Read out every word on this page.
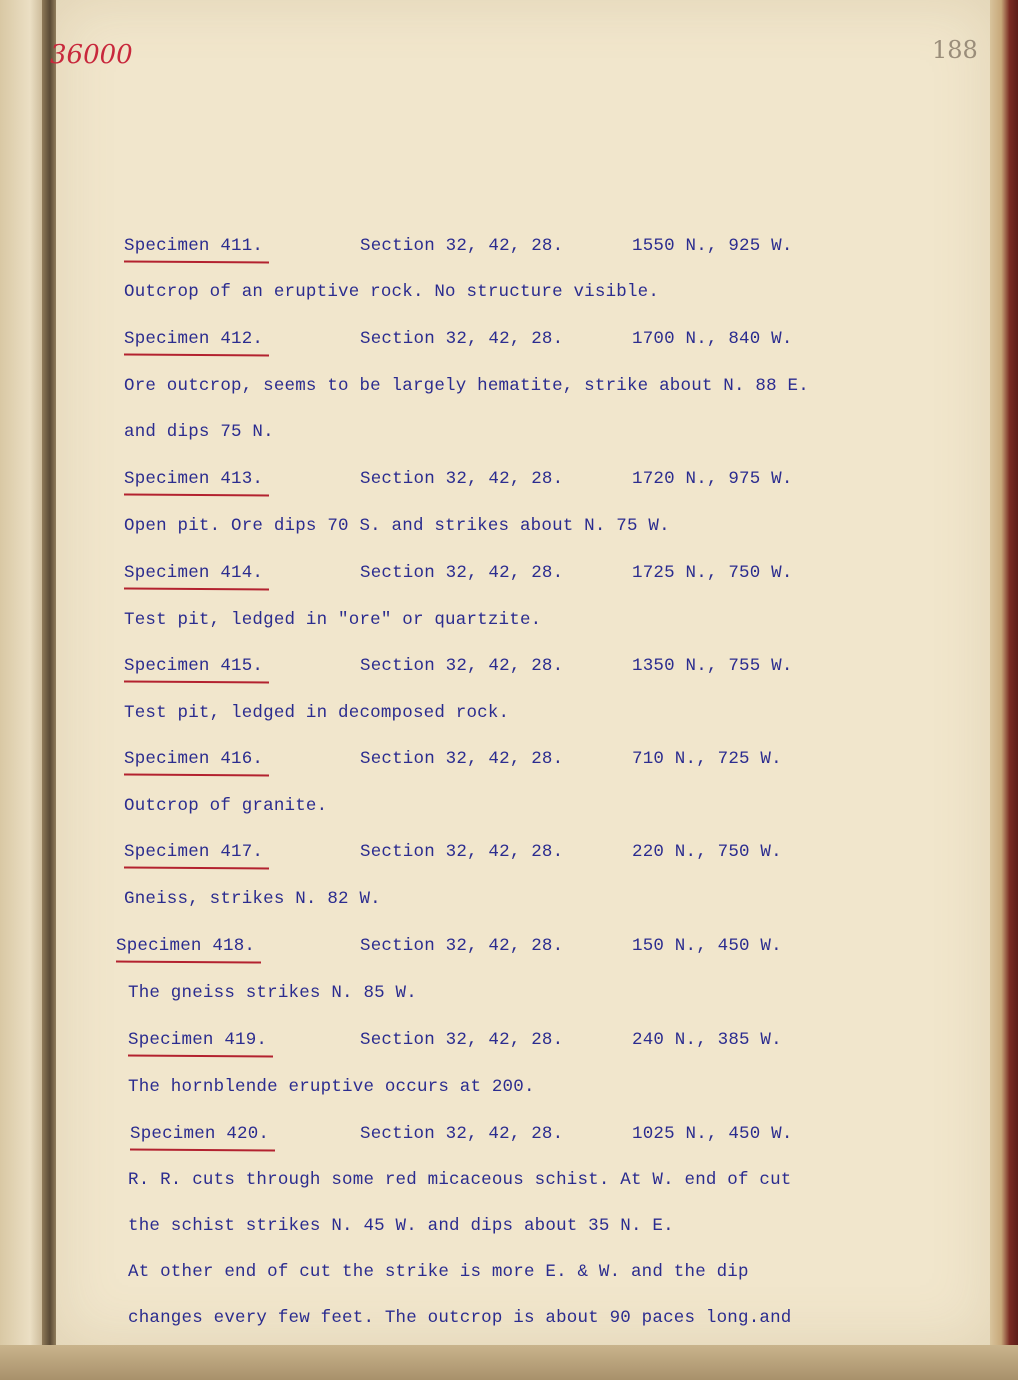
36000	188
Specimen 411.	Section 32, 42, 28.	1550 N., 925 W.
Outcrop of an eruptive rock. No structure visible.
Specimen 412.	Section 32, 42, 28.	1700 N., 840 W.
Ore outcrop, seems to be largely hematite, strike about N. 88 E.
and dips 75 N.
Specimen 413.	Section 32, 42, 28.	1720 N., 975 W.
Open pit. Ore dips 70 S. and strikes about N. 75 W.
Specimen 414.	Section 32, 42, 28.	1725 N., 750 W.
Test pit, ledged in "ore" or quartzite.
Specimen 415.	Section 32, 42, 28.	1350 N., 755 W.
Test pit, ledged in decomposed rock.
Specimen 416.	Section 32, 42, 28.	710 N., 725 W.
Outcrop of granite.
Specimen 417.	Section 32, 42, 28.	220 N., 750 W.
Gneiss, strikes N. 82 W.
Specimen 418.	Section 32, 42, 28.	150 N., 450 W.
The gneiss strikes N. 85 W.
Specimen 419.	Section 32, 42, 28.	240 N., 385 W.
The hornblende eruptive occurs at 200.
Specimen 420.	Section 32, 42, 28.	1025 N., 450 W.
R. R. cuts through some red micaceous schist. At W. end of cut
the schist strikes N. 45 W. and dips about 35 N. E.
At other end of cut the strike is more E. & W. and the dip
changes every few feet. The outcrop is about 90 paces long.and
